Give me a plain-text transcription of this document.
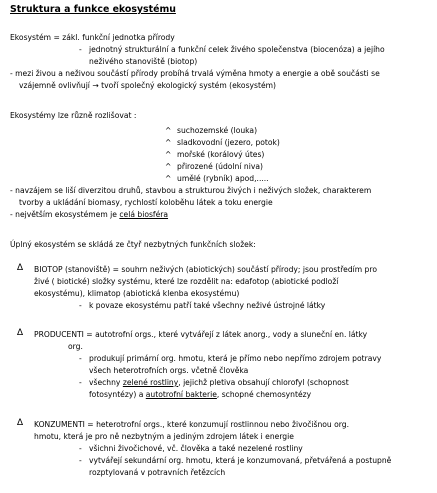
Struktura a funkce ekosystému
Ekosystém = zákl. funkční jednotka přírody
- jednotný strukturální a funkční celek živého společenstva (biocenóza) a jejího
neživého stanoviště (biotop)
- mezi živou a neživou součástí přírody probíhá trvalá výměna hmoty a energie a obě součásti se
vzájemně ovlivňují → tvoří společný ekologický systém (ekosystém)
Ekosystémy lze různě rozlišovat :
^ suchozemské (louka)
^ sladkovodní (jezero, potok)
^ mořské (korálový útes)
^ přirozené (údolní niva)
^ umělé (rybník) apod,.....
- navzájem se liší diverzitou druhů, stavbou a strukturou živých i neživých složek, charakterem
tvorby a ukládání biomasy, rychlostí koloběhu látek a toku energie
- největším ekosystémem je celá biosféra
Úplný ekosystém se skládá ze čtyř nezbytných funkčních složek:
∆ BIOTOP (stanoviště) = souhrn neživých (abiotických) součástí přírody; jsou prostředím pro
živé ( biotické) složky systému, které lze rozdělit na: edafotop (abiotické podloží
ekosystému), klimatop (abiotická klenba ekosystému)
- k povaze ekosystému patří také všechny neživé ústrojné látky
∆ PRODUCENTI = autotrofní orgs., které vytvářejí z látek anorg., vody a sluneční en. látky
org.
- produkují primární org. hmotu, která je přímo nebo nepřímo zdrojem potravy
všech heterotrofních orgs. včetně člověka
- všechny zelené rostliny, jejichž pletiva obsahují chlorofyl (schopnost
fotosyntézy) a autotrofní bakterie, schopné chemosyntézy
∆ KONZUMENTI = heterotrofní orgs., které konzumují rostlinnou nebo živočišnou org.
hmotu, která je pro ně nezbytným a jediným zdrojem látek i energie
- všichni živočichové, vč. člověka a také nezelené rostliny
- vytvářejí sekundární org. hmotu, která je konzumovaná, přetvářená a postupně
rozptylovaná v potravních řetězcích
